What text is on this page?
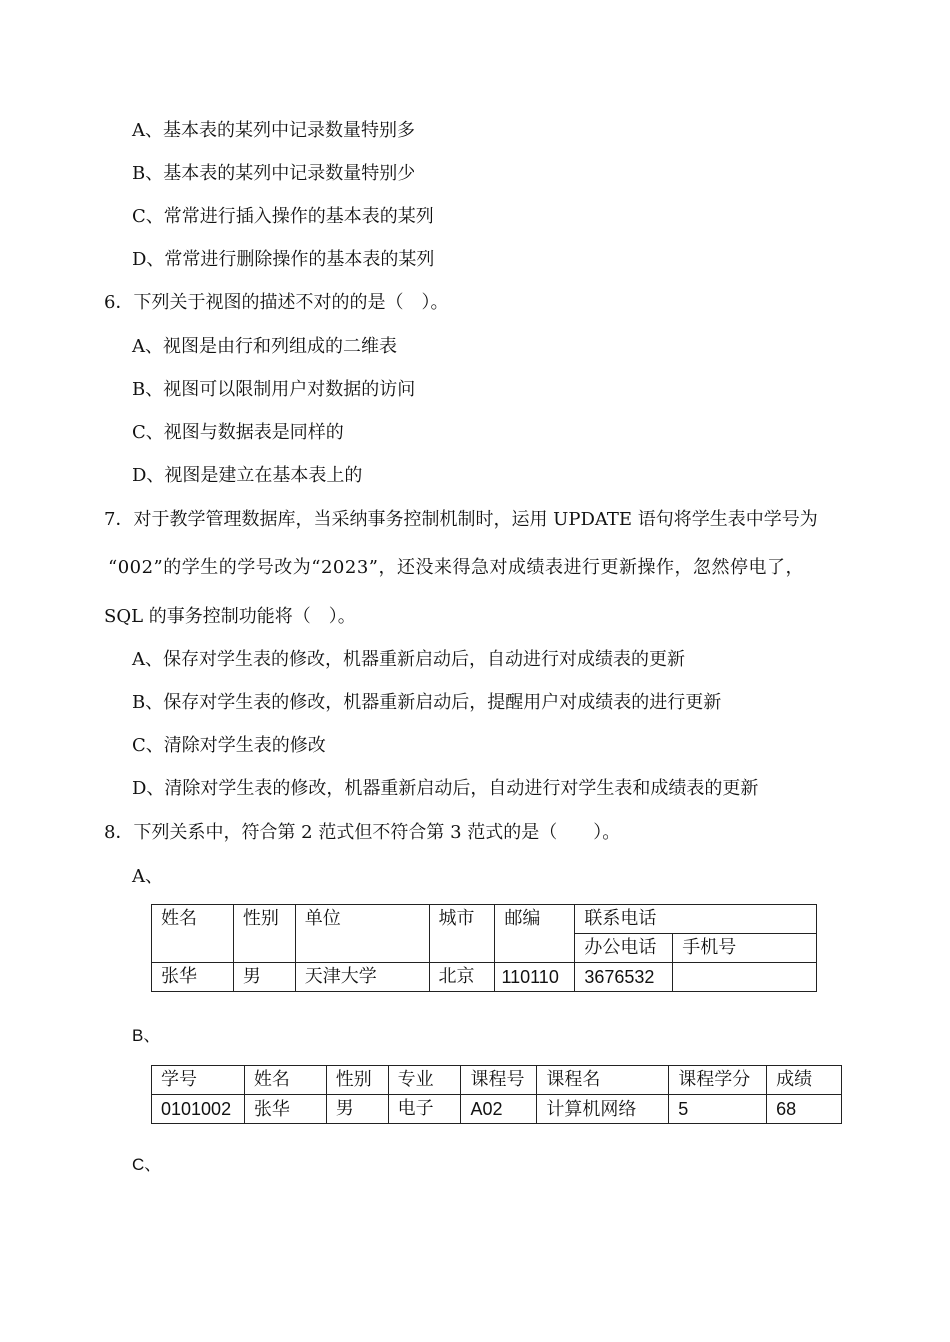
A、基本表的某列中记录数量特别多
B、基本表的某列中记录数量特别少
C、常常进行插入操作的基本表的某列
D、常常进行删除操作的基本表的某列
6．下列关于视图的描述不对的的是（　）。
A、视图是由行和列组成的二维表
B、视图可以限制用户对数据的访问
C、视图与数据表是同样的
D、视图是建立在基本表上的
7．对于教学管理数据库，当采纳事务控制机制时，运用 UPDATE 语句将学生表中学号为
“002”的学生的学号改为“2023”，还没来得急对成绩表进行更新操作，忽然停电了，
SQL 的事务控制功能将（　）。
A、保存对学生表的修改，机器重新启动后，自动进行对成绩表的更新
B、保存对学生表的修改，机器重新启动后，提醒用户对成绩表的进行更新
C、清除对学生表的修改
D、清除对学生表的修改，机器重新启动后，自动进行对学生表和成绩表的更新
8．下列关系中，符合第 2 范式但不符合第 3 范式的是（　　）。
A、
姓名	性别	单位	城市	邮编	联系电话	
					办公电话	手机号
张华	男	天津大学	北京	110110	3676532	
B、
学号	姓名	性别	专业	课程号	课程名	课程学分	成绩
0101002	张华	男	电子	A02	计算机网络	5	68
C、
